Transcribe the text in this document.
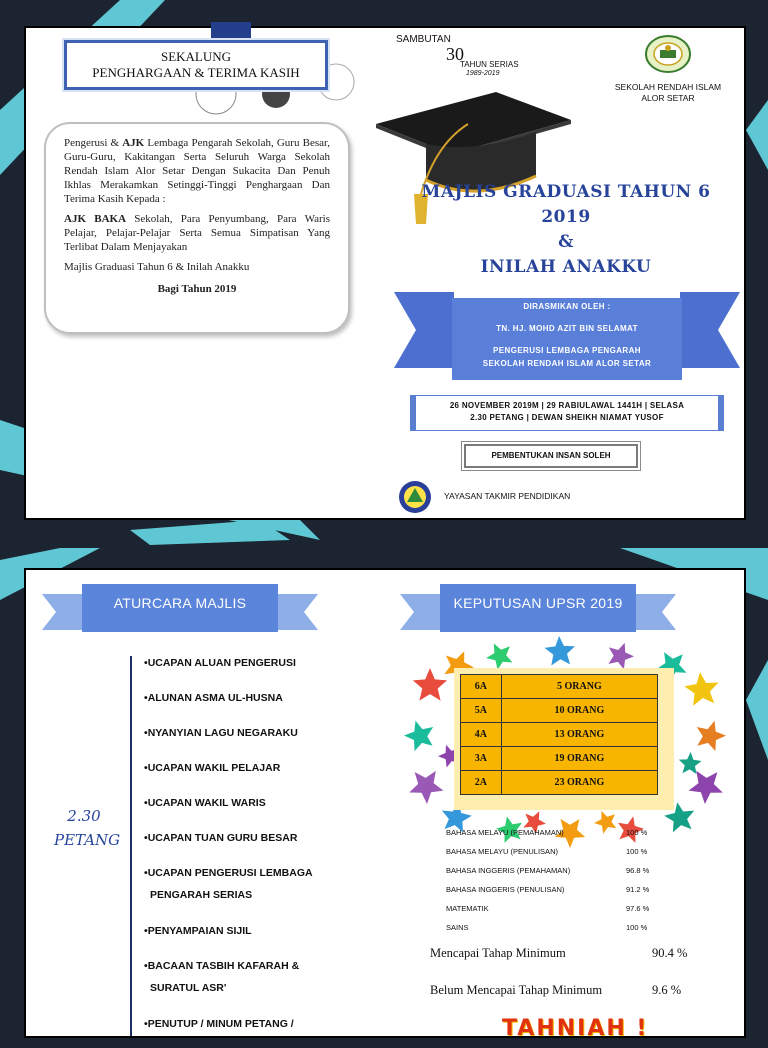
SEKALUNG
PENGHARGAAN & TERIMA KASIH

Pengerusi & AJK Lembaga Pengarah Sekolah, Guru Besar, Guru-Guru, Kakitangan Serta Seluruh Warga Sekolah Rendah Islam Alor Setar Dengan Sukacita Dan Penuh Ikhlas Merakamkan Setinggi-Tinggi Penghargaan Dan Terima Kasih Kepada :

AJK BAKA Sekolah, Para Penyumbang, Para Waris Pelajar, Pelajar-Pelajar Serta Semua Simpatisan Yang Terlibat Dalam Menjayakan

Majlis Graduasi Tahun 6 & Inilah Anakku

Bagi Tahun 2019

SAMBUTAN
30
TAHUN SERIAS
1989-2019
SEKOLAH RENDAH ISLAM
ALOR SETAR
MAJLIS GRADUASI TAHUN 6
2019
&
INILAH ANAKKU
DIRASMIKAN OLEH :
TN. HJ. MOHD AZIT BIN SELAMAT
PENGERUSI LEMBAGA PENGARAH
SEKOLAH RENDAH ISLAM ALOR SETAR
26 NOVEMBER 2019M | 29 RABIULAWAL 1441H | SELASA
2.30 PETANG | DEWAN SHEIKH NIAMAT YUSOF
PEMBENTUKAN INSAN SOLEH
YAYASAN TAKMIR PENDIDIKAN
ATURCARA MAJLIS	KEPUTUSAN UPSR 2019
2.30
PETANG
•UCAPAN ALUAN PENGERUSI
•ALUNAN ASMA UL-HUSNA
•NYANYIAN LAGU NEGARAKU
•UCAPAN WAKIL PELAJAR
•UCAPAN WAKIL WARIS
•UCAPAN TUAN GURU BESAR
•UCAPAN PENGERUSI LEMBAGA
PENGARAH SERIAS
•PENYAMPAIAN SIJIL
•BACAAN TASBIH KAFARAH &
SURATUL ASR'
•PENUTUP / MINUM PETANG /
6A	5 ORANG
5A	10 ORANG
4A	13 ORANG
3A	19 ORANG
2A	23 ORANG
BAHASA MELAYU (PEMAHAMAN)	100 %
BAHASA MELAYU (PENULISAN)	100 %
BAHASA INGGERIS (PEMAHAMAN)	96.8 %
BAHASA INGGERIS (PENULISAN)	91.2 %
MATEMATIK	97.6 %
SAINS	100 %
Mencapai Tahap Minimum	90.4 %
Belum Mencapai Tahap Minimum	9.6 %
TAHNIAH !
